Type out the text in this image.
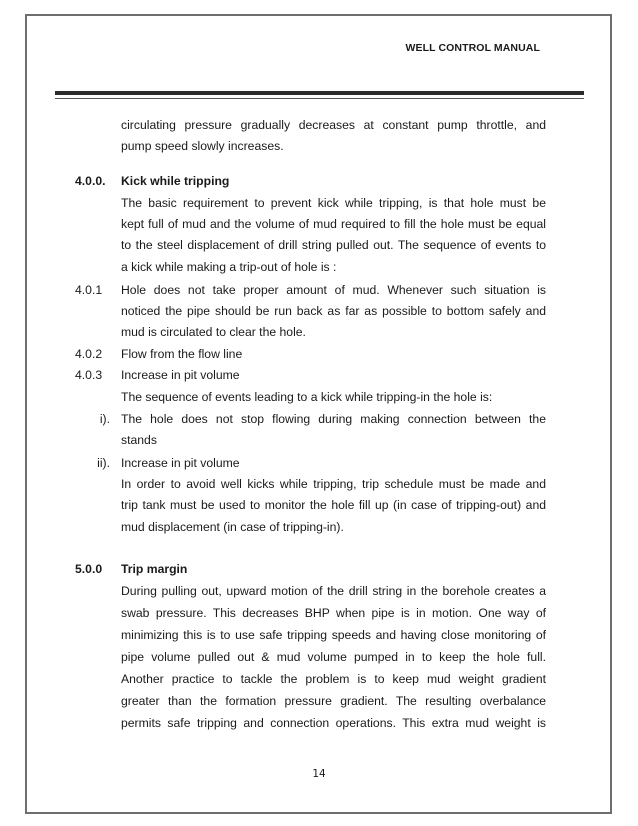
WELL CONTROL MANUAL
circulating pressure gradually decreases at constant pump throttle, and
pump speed slowly increases.
4.0.0. Kick while tripping
The basic requirement to prevent kick while tripping, is that hole must be
kept full of mud and the volume of mud required to fill the hole must be equal
to the steel displacement of drill string pulled out. The sequence of events to
a kick while making a trip-out of hole is :
4.0.1 Hole does not take proper amount of mud. Whenever such situation is
noticed the pipe should be run back as far as possible to bottom safely and
mud is circulated to clear the hole.
4.0.2 Flow from the flow line
4.0.3 Increase in pit volume
The sequence of events leading to a kick while tripping-in the hole is:
i). The hole does not stop flowing during making connection between the
stands
ii). Increase in pit volume
In order to avoid well kicks while tripping, trip schedule must be made and
trip tank must be used to monitor the hole fill up (in case of tripping-out) and
mud displacement (in case of tripping-in).
5.0.0 Trip margin
During pulling out, upward motion of the drill string in the borehole creates a
swab pressure. This decreases BHP when pipe is in motion. One way of
minimizing this is to use safe tripping speeds and having close monitoring of
pipe volume pulled out & mud volume pumped in to keep the hole full.
Another practice to tackle the problem is to keep mud weight gradient
greater than the formation pressure gradient. The resulting overbalance
permits safe tripping and connection operations. This extra mud weight is
14
